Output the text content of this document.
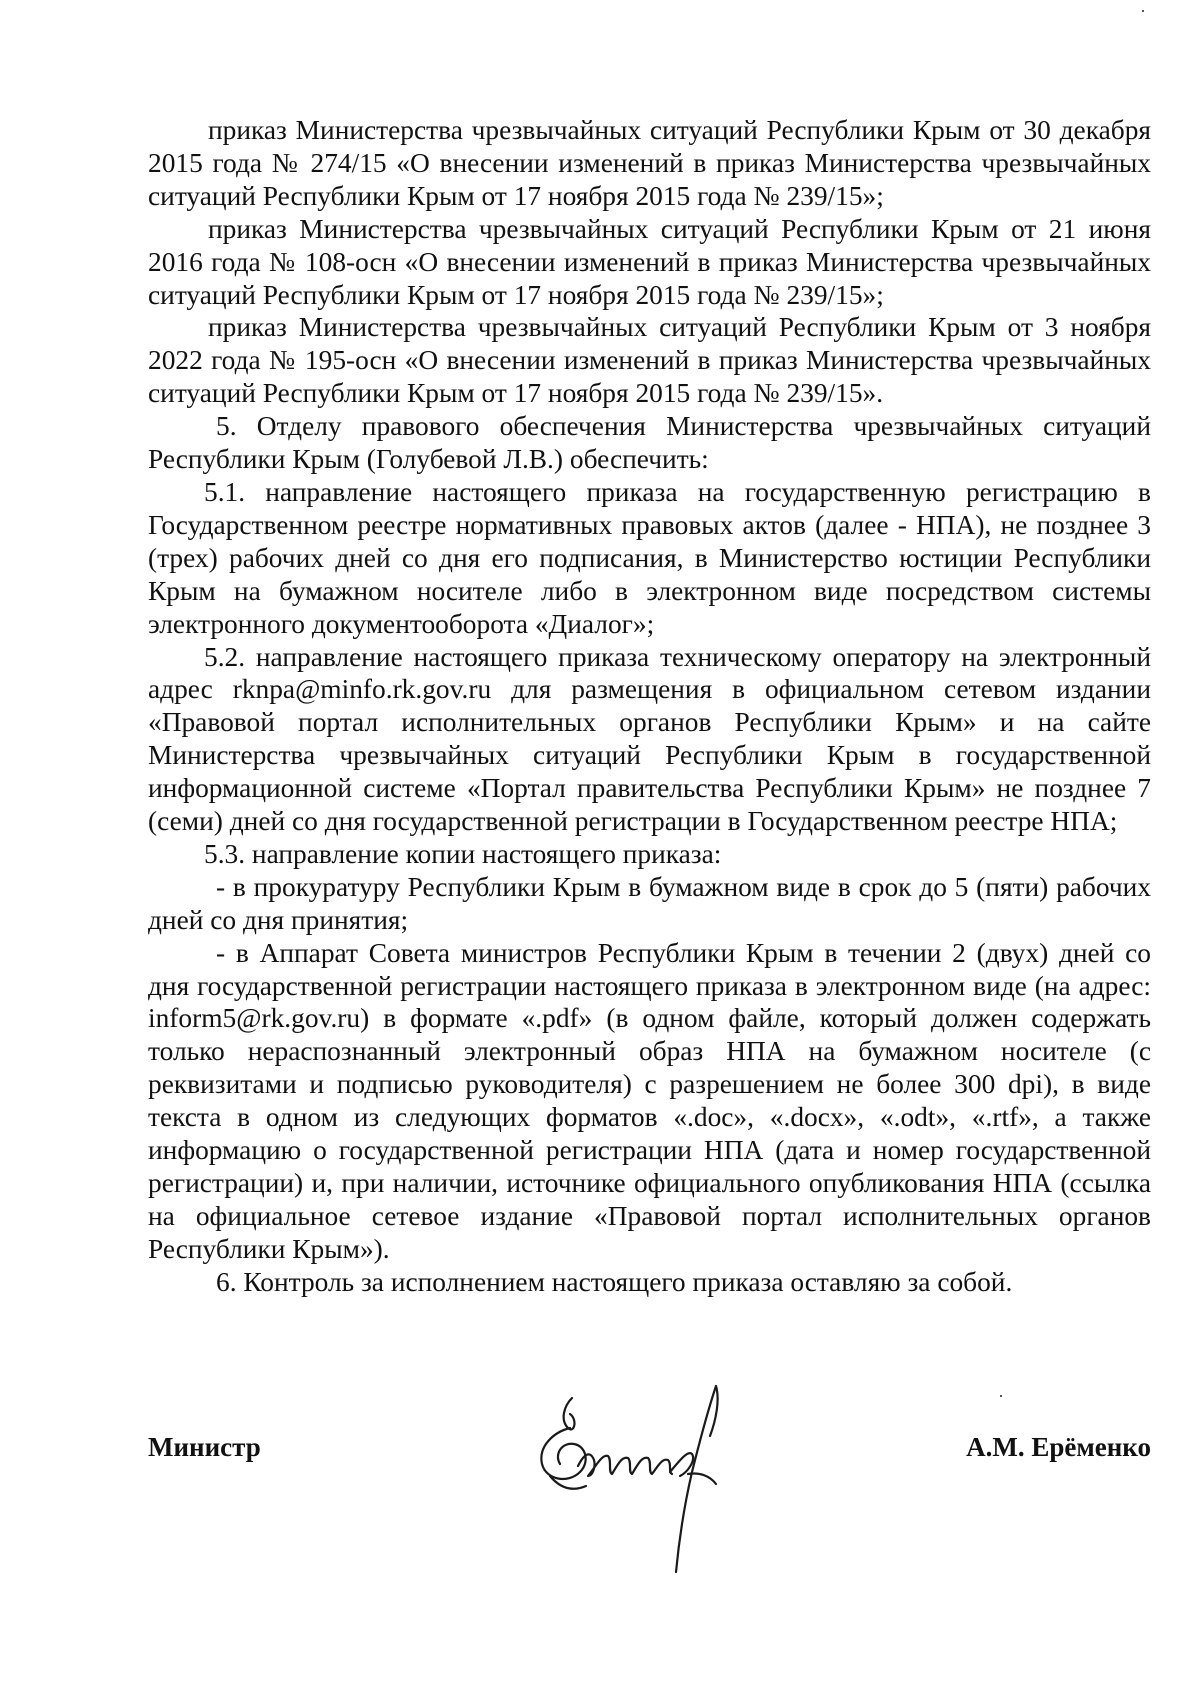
приказ Министерства чрезвычайных ситуаций Республики Крым от 30 декабря 2015 года № 274/15 «О внесении изменений в приказ Министерства чрезвычайных ситуаций Республики Крым от 17 ноября 2015 года № 239/15»;

приказ Министерства чрезвычайных ситуаций Республики Крым от 21 июня 2016 года № 108-осн «О внесении изменений в приказ Министерства чрезвычайных ситуаций Республики Крым от 17 ноября 2015 года № 239/15»;

приказ Министерства чрезвычайных ситуаций Республики Крым от 3 ноября 2022 года № 195-осн «О внесении изменений в приказ Министерства чрезвычайных ситуаций Республики Крым от 17 ноября 2015 года № 239/15».

5. Отделу правового обеспечения Министерства чрезвычайных ситуаций Республики Крым (Голубевой Л.В.) обеспечить:

5.1. направление настоящего приказа на государственную регистрацию в Государственном реестре нормативных правовых актов (далее - НПА), не позднее 3 (трех) рабочих дней со дня его подписания, в Министерство юстиции Республики Крым на бумажном носителе либо в электронном виде посредством системы электронного документооборота «Диалог»;

5.2. направление настоящего приказа техническому оператору на электронный адрес rknpa@minfo.rk.gov.ru для размещения в официальном сетевом издании «Правовой портал исполнительных органов Республики Крым» и на сайте Министерства чрезвычайных ситуаций Республики Крым в государственной информационной системе «Портал правительства Республики Крым» не позднее 7 (семи) дней со дня государственной регистрации в Государственном реестре НПА;

5.3. направление копии настоящего приказа:

- в прокуратуру Республики Крым в бумажном виде в срок до 5 (пяти) рабочих дней со дня принятия;

- в Аппарат Совета министров Республики Крым в течении 2 (двух) дней со дня государственной регистрации настоящего приказа в электронном виде (на адрес: inform5@rk.gov.ru) в формате «.pdf» (в одном файле, который должен содержать только нераспознанный электронный образ НПА на бумажном носителе (с реквизитами и подписью руководителя) с разрешением не более 300 dpi), в виде текста в одном из следующих форматов «.doc», «.docx», «.odt», «.rtf», а также информацию о государственной регистрации НПА (дата и номер государственной регистрации) и, при наличии, источнике официального опубликования НПА (ссылка на официальное сетевое издание «Правовой портал исполнительных органов Республики Крым»).

6. Контроль за исполнением настоящего приказа оставляю за собой.

Министр	А.М. Ерёменко
